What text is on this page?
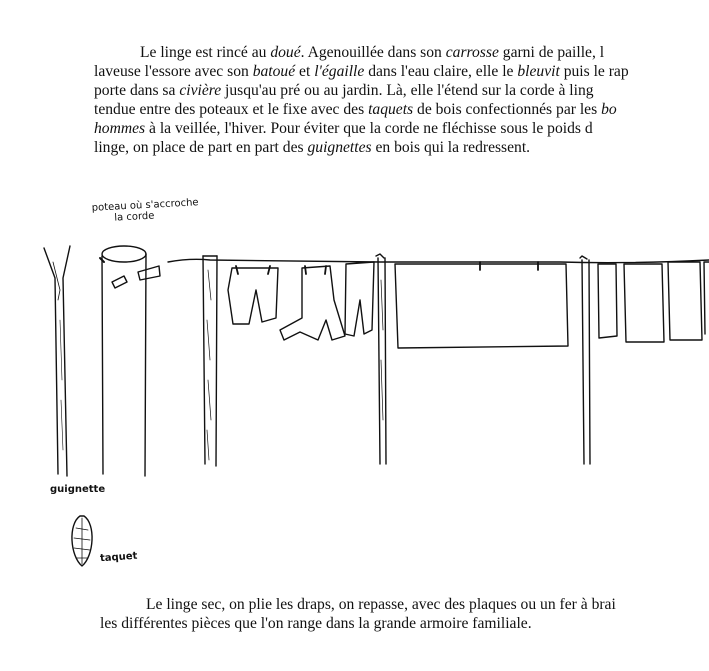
Le linge est rincé au doué. Agenouillée dans son carrosse garni de paille, l
laveuse l'essore avec son batoué et l'égaille dans l'eau claire, elle le bleuvit puis le rap
porte dans sa civière jusqu'au pré ou au jardin. Là, elle l'étend sur la corde à ling
tendue entre des poteaux et le fixe avec des taquets de bois confectionnés par les bo
hommes à la veillée, l'hiver. Pour éviter que la corde ne fléchisse sous le poids d
linge, on place de part en part des guignettes en bois qui la redressent.
poteau où s'accroche
la corde
guignette
taquet
Le linge sec, on plie les draps, on repasse, avec des plaques ou un fer à brai
les différentes pièces que l'on range dans la grande armoire familiale.
